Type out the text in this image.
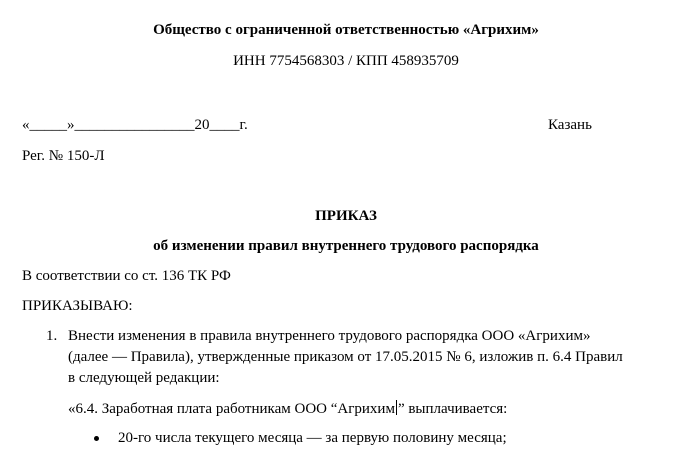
Общество с ограниченной ответственностью «Агрихим»
ИНН 7754568303 / КПП 458935709
«_____»________________20____г.	Казань
Рег. № 150-Л
ПРИКАЗ
об изменении правил внутреннего трудового распорядка
В соответствии со ст. 136 ТК РФ
ПРИКАЗЫВАЮ:
1. Внести изменения в правила внутреннего трудового распорядка ООО «Агрихим»
(далее — Правила), утвержденные приказом от 17.05.2015 № 6, изложив п. 6.4 Правил
в следующей редакции:
«6.4. Заработная плата работникам ООО “Агрихим ” выплачивается:
20-го числа текущего месяца — за первую половину месяца;
